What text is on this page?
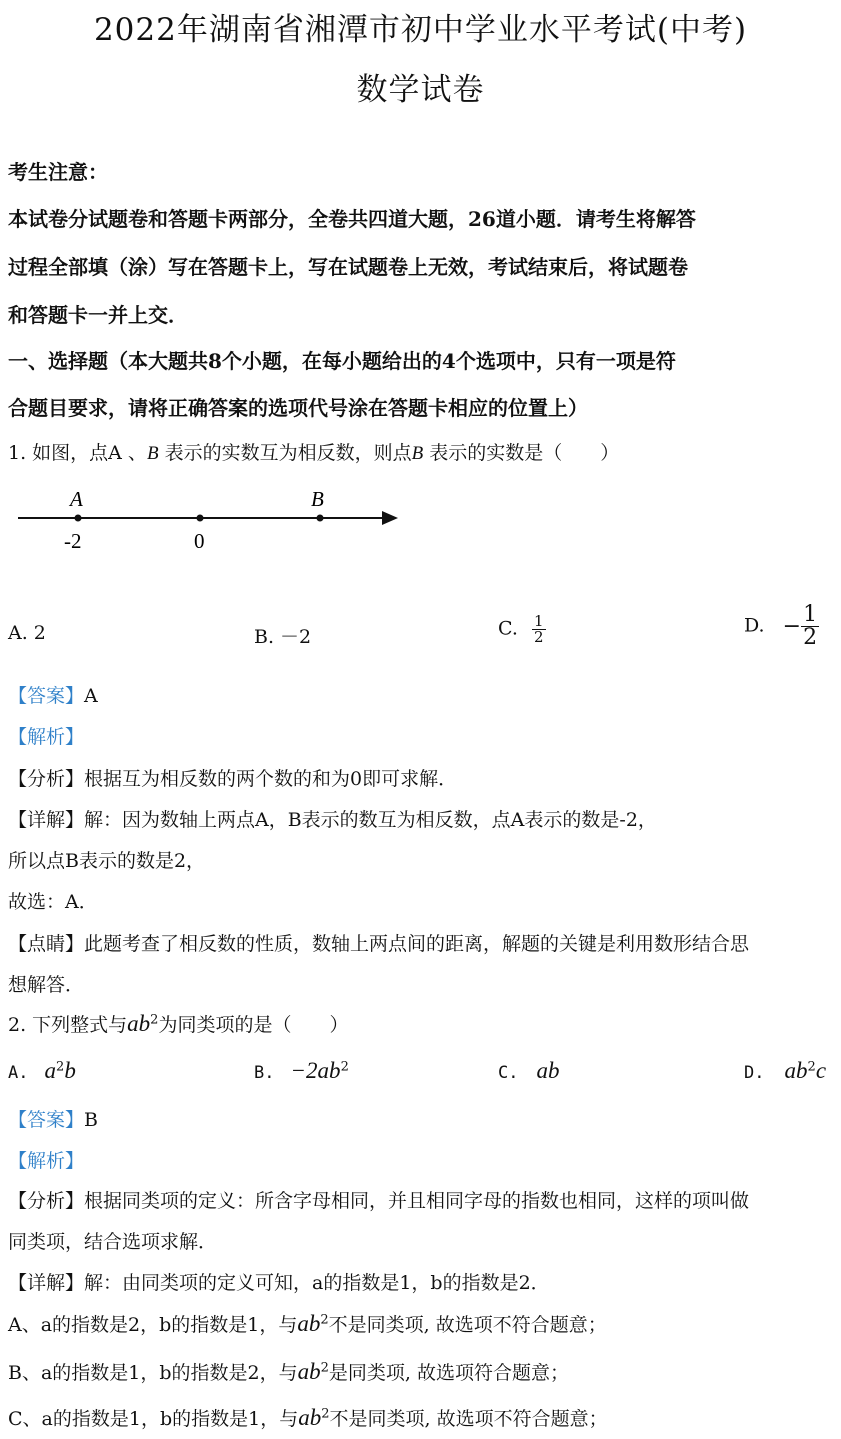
2022年湖南省湘潭市初中学业水平考试(中考)
数学试卷
考生注意：
本试卷分试题卷和答题卡两部分，全卷共四道大题，26道小题．请考生将解答
过程全部填（涂）写在答题卡上，写在试题卷上无效，考试结束后，将试题卷
和答题卡一并上交．
一、选择题（本大题共8个小题，在每小题给出的4个选项中，只有一项是符
合题目要求，请将正确答案的选项代号涂在答题卡相应的位置上）
1. 如图，点A 、B 表示的实数互为相反数，则点B 表示的实数是（　　）
A	B
-2	0
A. 2	B. －2	C. $\frac{1}{2}$	D. − $\frac{1}{2}$
【答案】A
【解析】
【分析】根据互为相反数的两个数的和为0即可求解．
【详解】解：因为数轴上两点A，B表示的数互为相反数，点A表示的数是-2，
所以点B表示的数是2，
故选：A．
【点睛】此题考查了相反数的性质，数轴上两点间的距离，解题的关键是利用数形结合思
想解答．
2. 下列整式与$ab^2$为同类项的是（　　）
A. $a^2b$	B. $-2ab^2$	C. ab	D. $ab^2c$
【答案】B
【解析】
【分析】根据同类项的定义：所含字母相同，并且相同字母的指数也相同，这样的项叫做
同类项，结合选项求解．
【详解】解：由同类项的定义可知，a的指数是1，b的指数是2．
A、a的指数是2，b的指数是1，与$ab^2$不是同类项, 故选项不符合题意；
B、a的指数是1，b的指数是2，与$ab^2$是同类项, 故选项符合题意；
C、a的指数是1，b的指数是1，与$ab^2$不是同类项, 故选项不符合题意；
